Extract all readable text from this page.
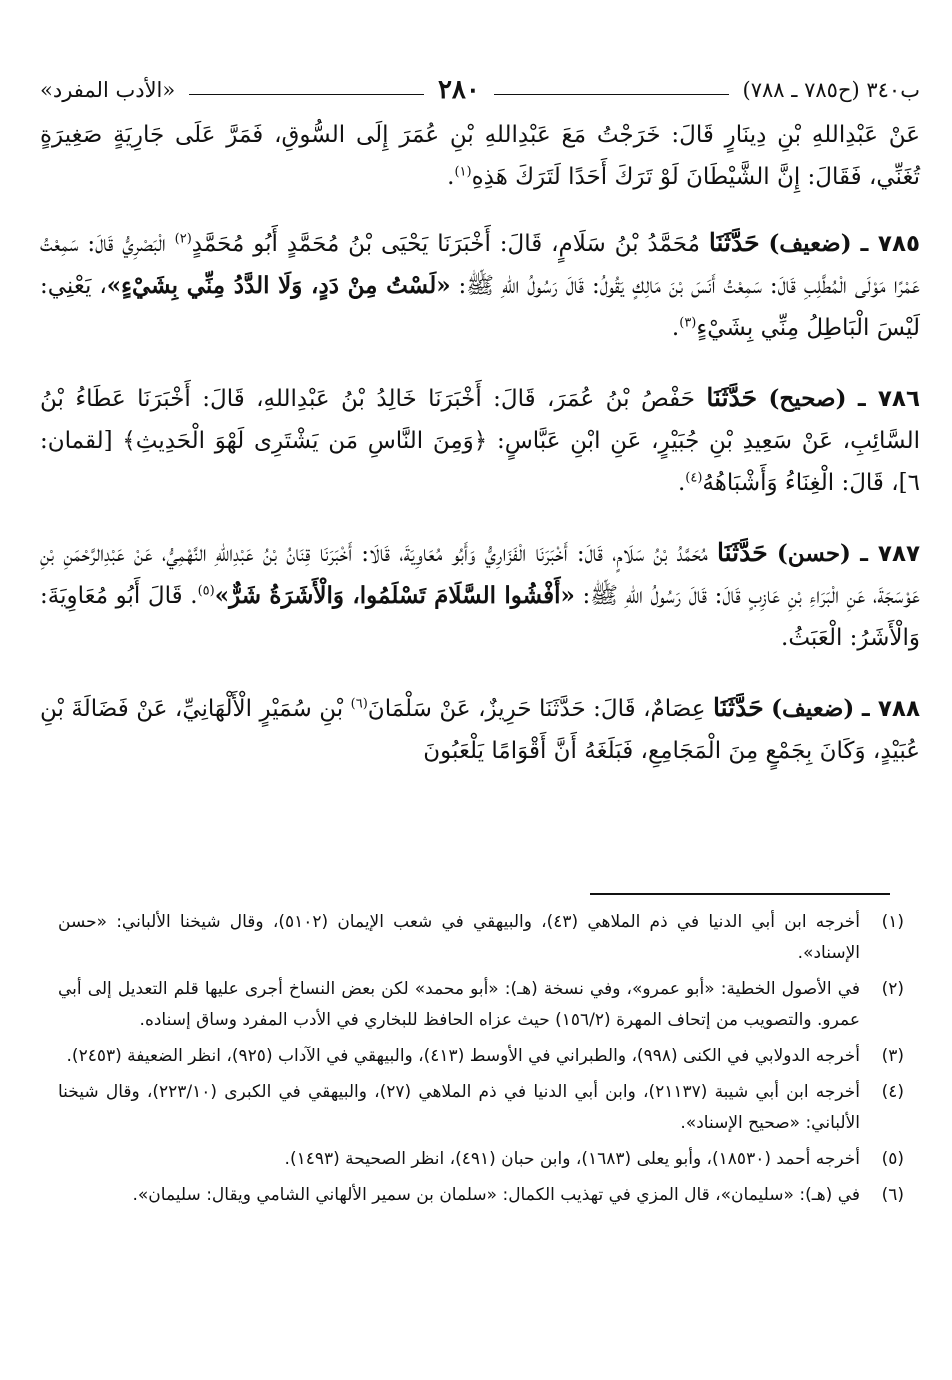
ب٣٤٠ (ح٧٨٥ ـ ٧٨٨)
٢٨٠
«الأدب المفرد»

عَنْ عَبْدِاللهِ بْنِ دِينَارٍ قَالَ: خَرَجْتُ مَعَ عَبْدِاللهِ بْنِ عُمَرَ إِلَى السُّوقِ، فَمَرَّ عَلَى جَارِيَةٍ صَغِيرَةٍ تُغَنِّي، فَقَالَ: إِنَّ الشَّيْطَانَ لَوْ تَرَكَ أَحَدًا لَتَرَكَ هَذِهِ$^{(١)}$.

٧٨٥ ـ (ضعيف) حَدَّثَنَا مُحَمَّدُ بْنُ سَلَامٍ، قَالَ: أَخْبَرَنَا يَحْيَى بْنُ مُحَمَّدٍ أَبُو مُحَمَّدٍ$^{(٢)}$ الْبَصْرِيُّ قَالَ: سَمِعْتُ عَمْرًا مَوْلَى الْمُطَّلِبِ قَالَ: سَمِعْتُ أَنَسَ بْنَ مَالِكٍ يَقُولُ: قَالَ رَسُولُ اللهِ ﷺ: «لَسْتُ مِنْ دَدٍ، وَلَا الدَّدُ مِنِّي بِشَيْءٍ»، يَعْنِي: لَيْسَ الْبَاطِلُ مِنِّي بِشَيْءٍ$^{(٣)}$.

٧٨٦ ـ (صحيح) حَدَّثَنَا حَفْصُ بْنُ عُمَرَ، قَالَ: أَخْبَرَنَا خَالِدُ بْنُ عَبْدِاللهِ، قَالَ: أَخْبَرَنَا عَطَاءُ بْنُ السَّائِبِ، عَنْ سَعِيدِ بْنِ جُبَيْرٍ، عَنِ ابْنِ عَبَّاسٍ: ﴿وَمِنَ النَّاسِ مَن يَشْتَرِى لَهْوَ الْحَدِيثِ﴾ [لقمان: ٦]، قَالَ: الْغِنَاءُ وَأَشْبَاهُهُ$^{(٤)}$.

٧٨٧ ـ (حسن) حَدَّثَنَا مُحَمَّدُ بْنُ سَلَامٍ، قَالَ: أَخْبَرَنَا الْفَزَارِيُّ وَأَبُو مُعَاوِيَةَ، قَالَا: أَخْبَرَنَا قِنَانُ بْنُ عَبْدِاللهِ النَّهْمِيُّ، عَنْ عَبْدِالرَّحْمَنِ بْنِ عَوْسَجَةَ، عَنِ الْبَرَاءِ بْنِ عَازِبٍ قَالَ: قَالَ رَسُولُ اللهِ ﷺ: «أَفْشُوا السَّلَامَ تَسْلَمُوا، وَالْأَشَرَةُ شَرٌّ»$^{(٥)}$. قَالَ أَبُو مُعَاوِيَةَ: وَالْأَشَرُ: الْعَبَثُ.

٧٨٨ ـ (ضعيف) حَدَّثَنَا عِصَامٌ، قَالَ: حَدَّثَنَا حَرِيزٌ، عَنْ سَلْمَانَ$^{(٦)}$ بْنِ سُمَيْرٍ الْأَلْهَانِيِّ، عَنْ فَضَالَةَ بْنِ عُبَيْدٍ، وَكَانَ بِجَمْعٍ مِنَ الْمَجَامِعِ، فَبَلَغَهُ أَنَّ أَقْوَامًا يَلْعَبُونَ

(١)
أخرجه ابن أبي الدنيا في ذم الملاهي (٤٣)، والبيهقي في شعب الإيمان (٥١٠٢)، وقال شيخنا الألباني: «حسن الإسناد».
(٢)
في الأصول الخطية: «أبو عمرو»، وفي نسخة (هـ): «أبو محمد» لكن بعض النساخ أجرى عليها قلم التعديل إلى أبي عمرو. والتصويب من إتحاف المهرة (١٥٦/٢) حيث عزاه الحافظ للبخاري في الأدب المفرد وساق إسناده.
(٣)
أخرجه الدولابي في الكنى (٩٩٨)، والطبراني في الأوسط (٤١٣)، والبيهقي في الآداب (٩٢٥)، انظر الضعيفة (٢٤٥٣).
(٤)
أخرجه ابن أبي شيبة (٢١١٣٧)، وابن أبي الدنيا في ذم الملاهي (٢٧)، والبيهقي في الكبرى (٢٢٣/١٠)، وقال شيخنا الألباني: «صحيح الإسناد».
(٥)
أخرجه أحمد (١٨٥٣٠)، وأبو يعلى (١٦٨٣)، وابن حبان (٤٩١)، انظر الصحيحة (١٤٩٣).
(٦)
في (هـ): «سليمان»، قال المزي في تهذيب الكمال: «سلمان بن سمير الألهاني الشامي ويقال: سليمان».
